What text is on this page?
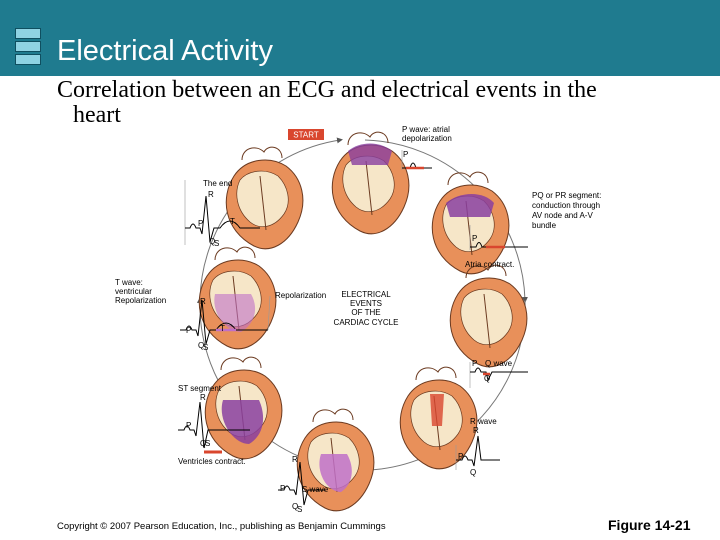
Electrical Activity
Correlation between an ECG and electrical events in the
heart
START
ELECTRICAL
EVENTS
OF THE
CARDIAC CYCLE
P wave: atrial
depolarization
P
PQ or PR segment:
conduction through
AV node and A-V
bundle
P
Atria contract.
P Q wave
Q
R wave
R
P
Q
R
P S wave
Q
S
ST segment
R
P
Q
S
Ventricles contract.
T wave:
ventricular
Repolarization
Repolarization
R
P	T
Q
S
The end
R
P	T
Q
S
Copyright © 2007 Pearson Education, Inc., publishing as Benjamin Cummings	Figure 14-21
